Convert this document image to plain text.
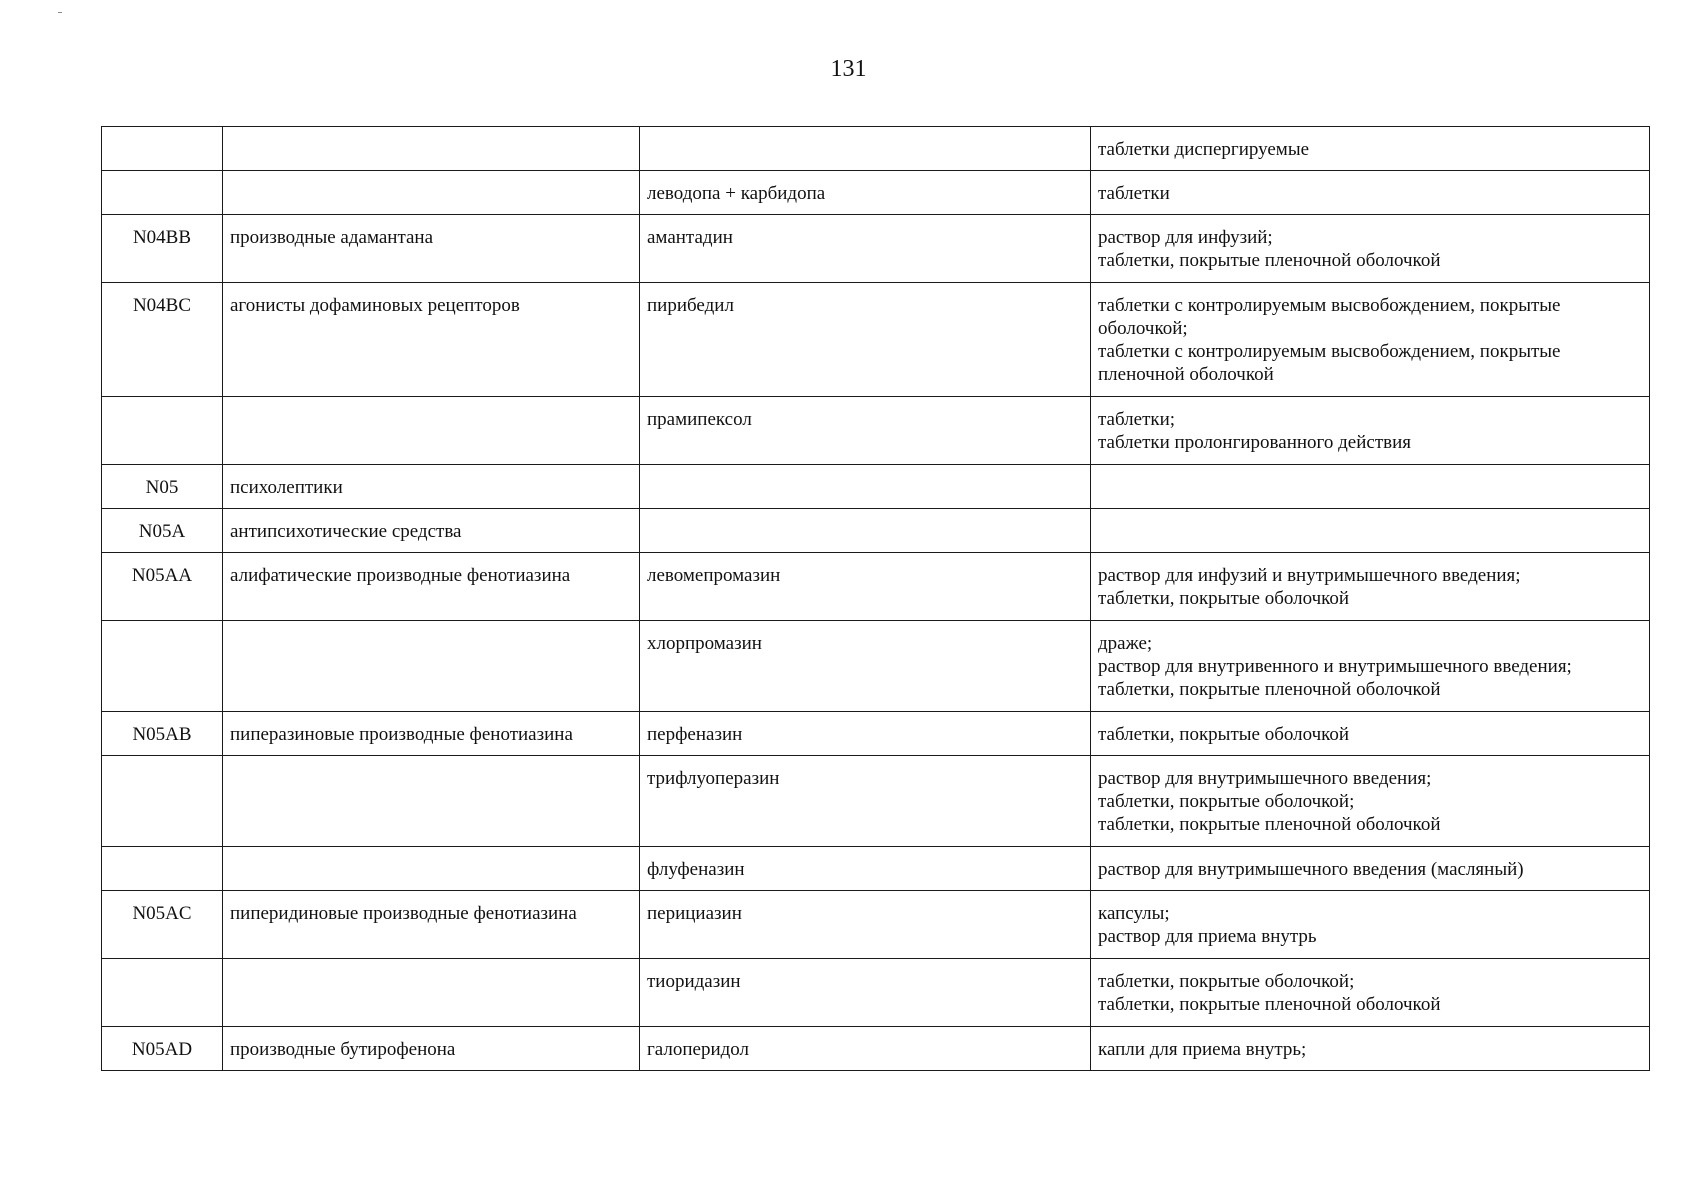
131

			таблетки диспергируемые

		леводопа + карбидопа	таблетки

N04BB	производные адамантана	амантадин	раствор для инфузий;
таблетки, покрытые пленочной оболочкой

N04BC	агонисты дофаминовых рецепторов	пирибедил	таблетки с контролируемым высвобождением, покрытые
оболочкой;
таблетки с контролируемым высвобождением, покрытые
пленочной оболочкой

		прамипексол	таблетки;
таблетки пролонгированного действия

N05	психолептики		
N05A	антипсихотические средства		
N05AA	алифатические производные фенотиазина	левомепромазин	раствор для инфузий и внутримышечного введения;
таблетки, покрытые оболочкой

		хлорпромазин	драже;
раствор для внутривенного и внутримышечного введения;
таблетки, покрытые пленочной оболочкой

N05AB	пиперазиновые производные фенотиазина	перфеназин	таблетки, покрытые оболочкой

		трифлуоперазин	раствор для внутримышечного введения;
таблетки, покрытые оболочкой;
таблетки, покрытые пленочной оболочкой

		флуфеназин	раствор для внутримышечного введения (масляный)

N05AC	пиперидиновые производные фенотиазина	перициазин	капсулы;
раствор для приема внутрь

		тиоридазин	таблетки, покрытые оболочкой;
таблетки, покрытые пленочной оболочкой

N05AD	производные бутирофенона	галоперидол	капли для приема внутрь;
